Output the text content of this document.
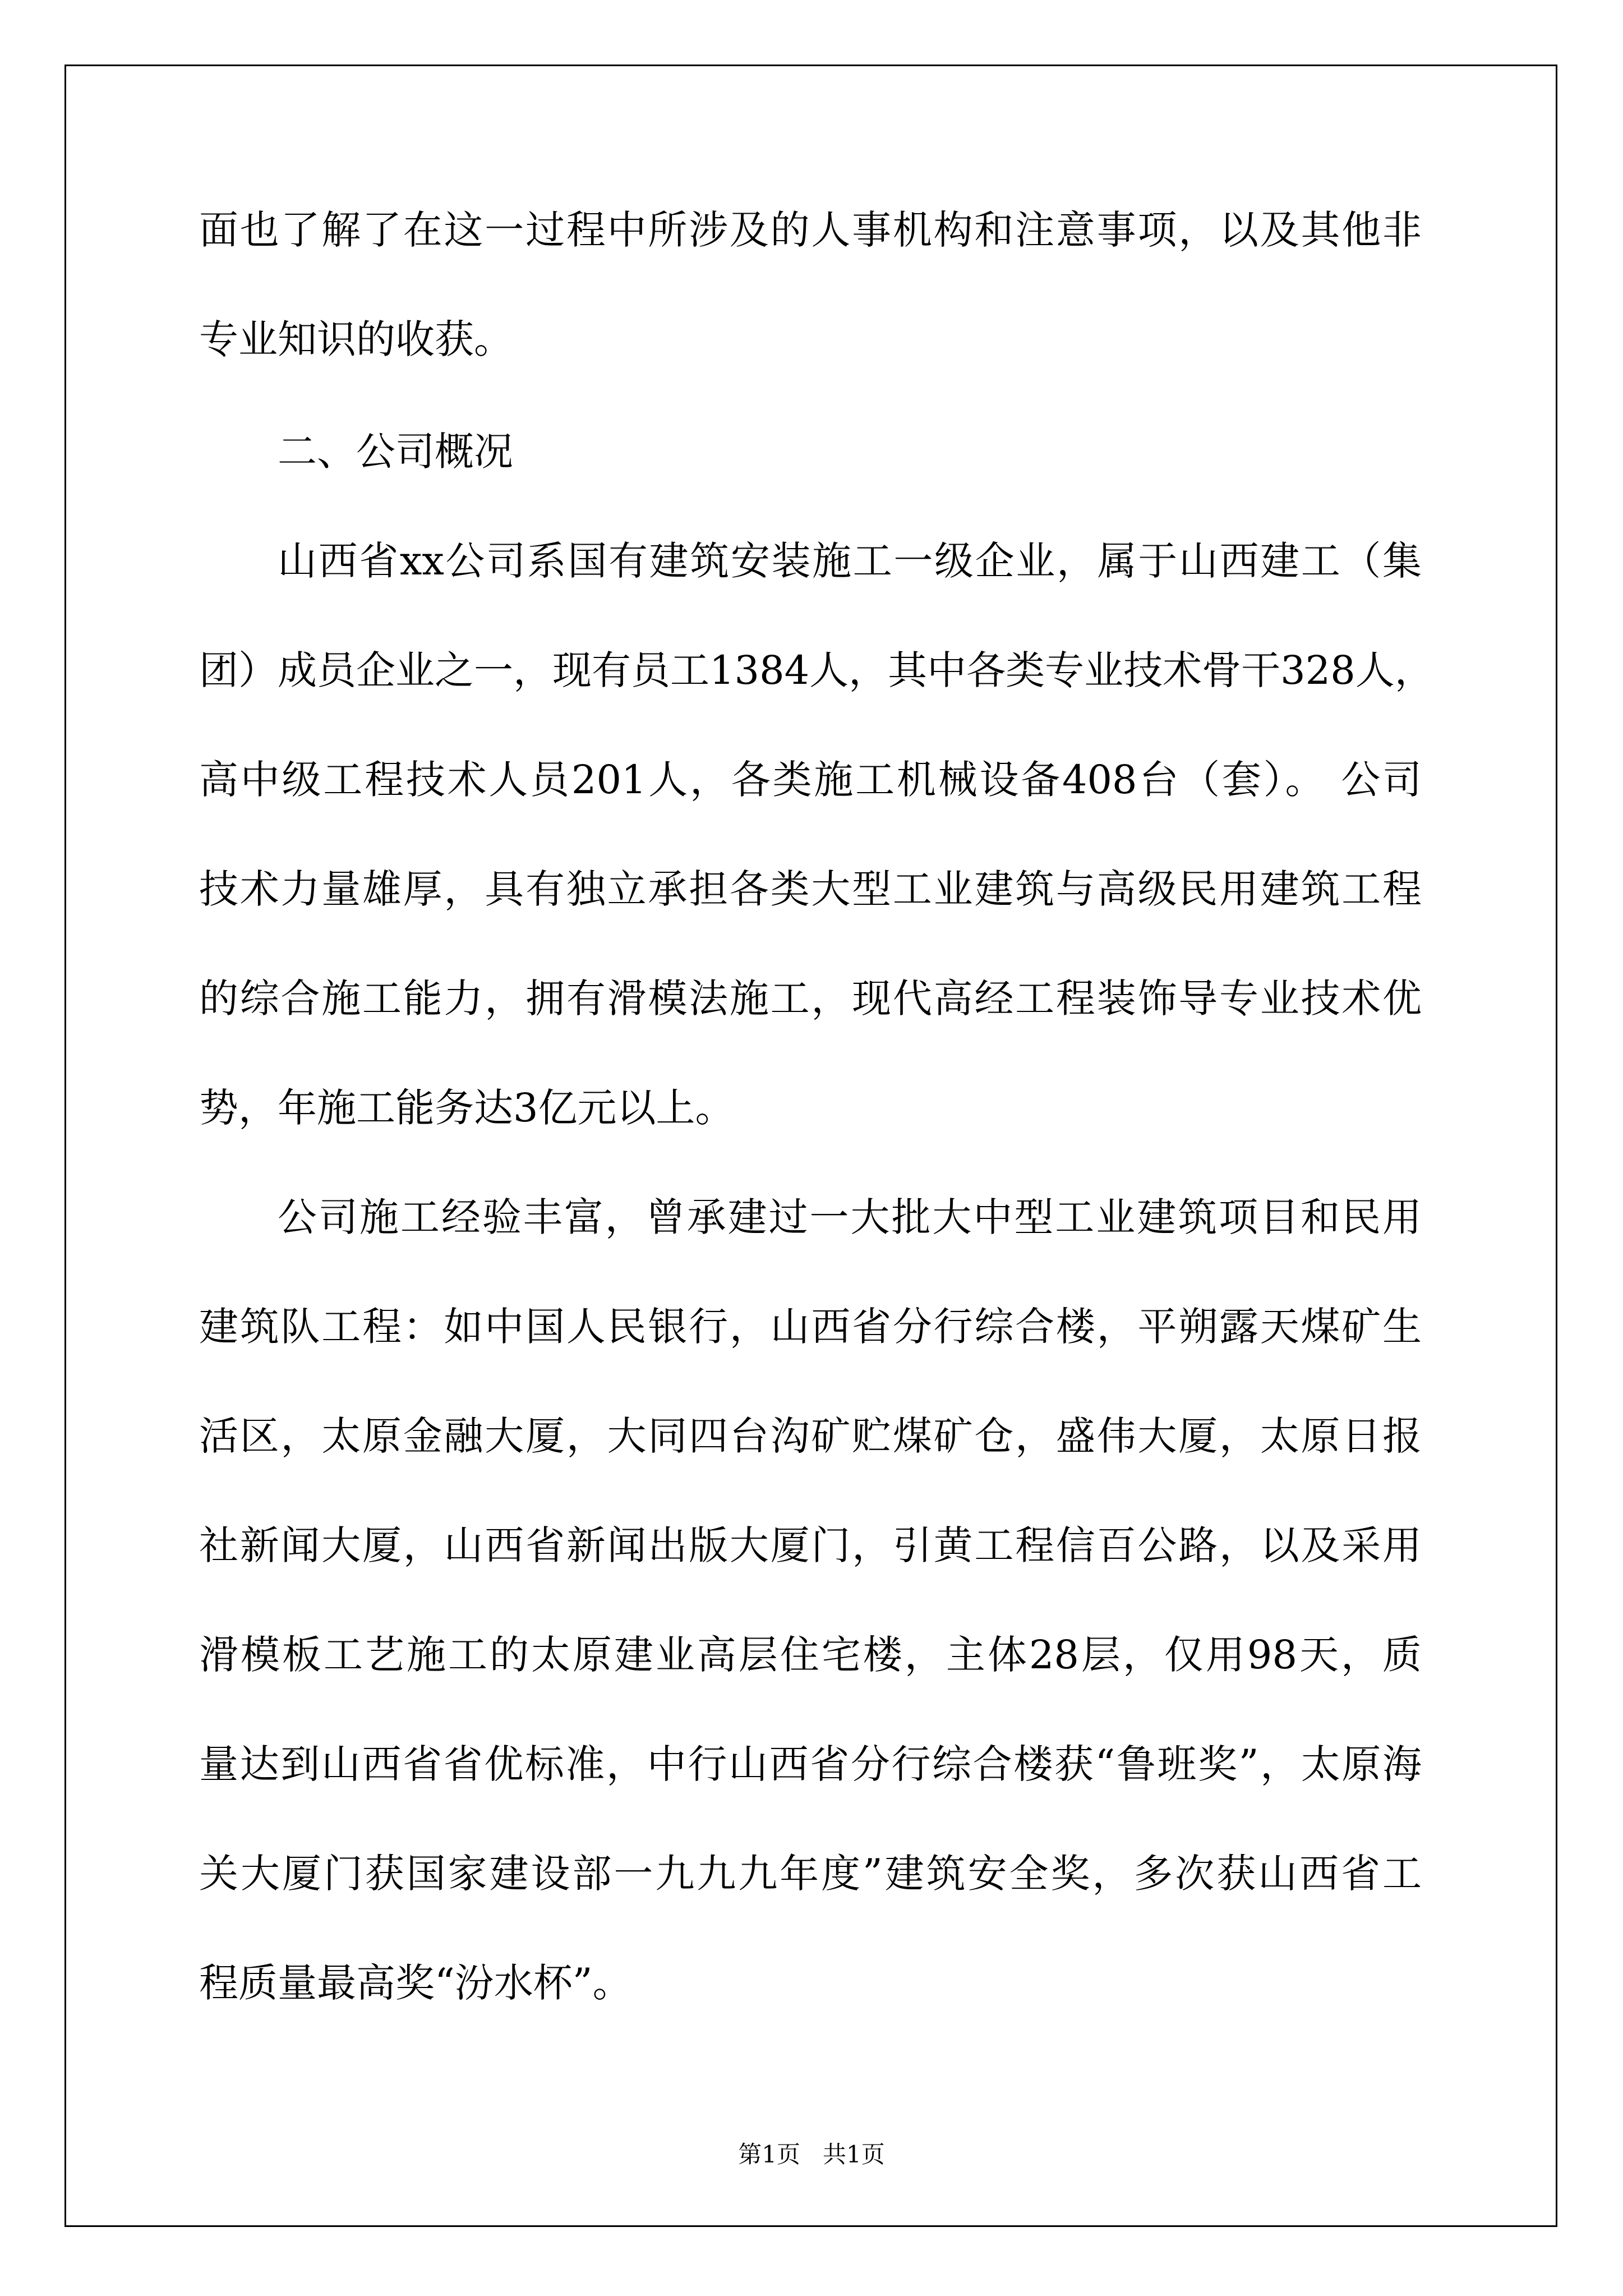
面也了解了在这一过程中所涉及的人事机构和注意事项，以及其他非
专业知识的收获。
二、公司概况
山西省xx公司系国有建筑安装施工一级企业，属于山西建工（集
团）成员企业之一，现有员工1384人，其中各类专业技术骨干328人，
高中级工程技术人员201人，各类施工机械设备408台（套）。 公司
技术力量雄厚，具有独立承担各类大型工业建筑与高级民用建筑工程
的综合施工能力，拥有滑模法施工，现代高经工程装饰导专业技术优
势，年施工能务达3亿元以上。
公司施工经验丰富，曾承建过一大批大中型工业建筑项目和民用
建筑队工程：如中国人民银行，山西省分行综合楼，平朔露天煤矿生
活区，太原金融大厦，大同四台沟矿贮煤矿仓，盛伟大厦，太原日报
社新闻大厦，山西省新闻出版大厦门，引黄工程信百公路，以及采用
滑模板工艺施工的太原建业高层住宅楼，主体28层，仅用98天，质
量达到山西省省优标准，中行山西省分行综合楼获“鲁班奖”，太原海
关大厦门获国家建设部一九九九年度”建筑安全奖，多次获山西省工
程质量最高奖“汾水杯”。
第1页   共1页
